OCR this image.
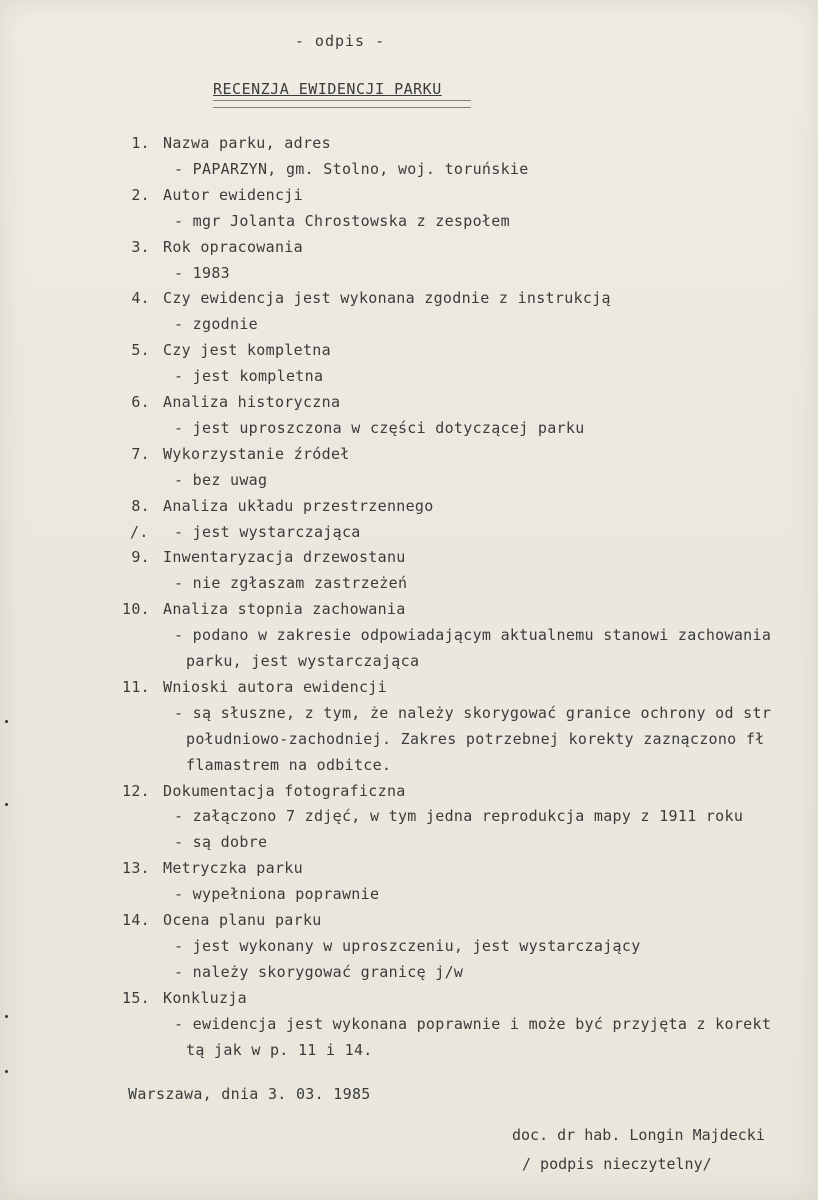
- odpis -
RECENZJA EWIDENCJI PARKU
1. Nazwa parku, adres
- PAPARZYN, gm. Stolno, woj. toruńskie
2. Autor ewidencji
- mgr Jolanta Chrostowska z zespołem
3. Rok opracowania
- 1983
4. Czy ewidencja jest wykonana zgodnie z instrukcją
- zgodnie
5. Czy jest kompletna
- jest kompletna
6. Analiza historyczna
- jest uproszczona w części dotyczącej parku
7. Wykorzystanie źródeł
- bez uwag
8. Analiza układu przestrzennego
- jest wystarczająca
/.
9. Inwentaryzacja drzewostanu
- nie zgłaszam zastrzeżeń
10. Analiza stopnia zachowania
- podano w zakresie odpowiadającym aktualnemu stanowi zachowania
parku, jest wystarczająca
11. Wnioski autora ewidencji
- są słuszne, z tym, że należy skorygować granice ochrony od str
południowo-zachodniej. Zakres potrzebnej korekty zaznączono fł
flamastrem na odbitce.
12. Dokumentacja fotograficzna
- załączono 7 zdjęć, w tym jedna reprodukcja mapy z 1911 roku
- są dobre
13. Metryczka parku
- wypełniona poprawnie
14. Ocena planu parku
- jest wykonany w uproszczeniu, jest wystarczający
- należy skorygować granicę j/w
15. Konkluzja
- ewidencja jest wykonana poprawnie i może być przyjęta z korekt
tą jak w p. 11 i 14.
Warszawa, dnia 3. 03. 1985
doc. dr hab. Longin Majdecki
/ podpis nieczytelny/
